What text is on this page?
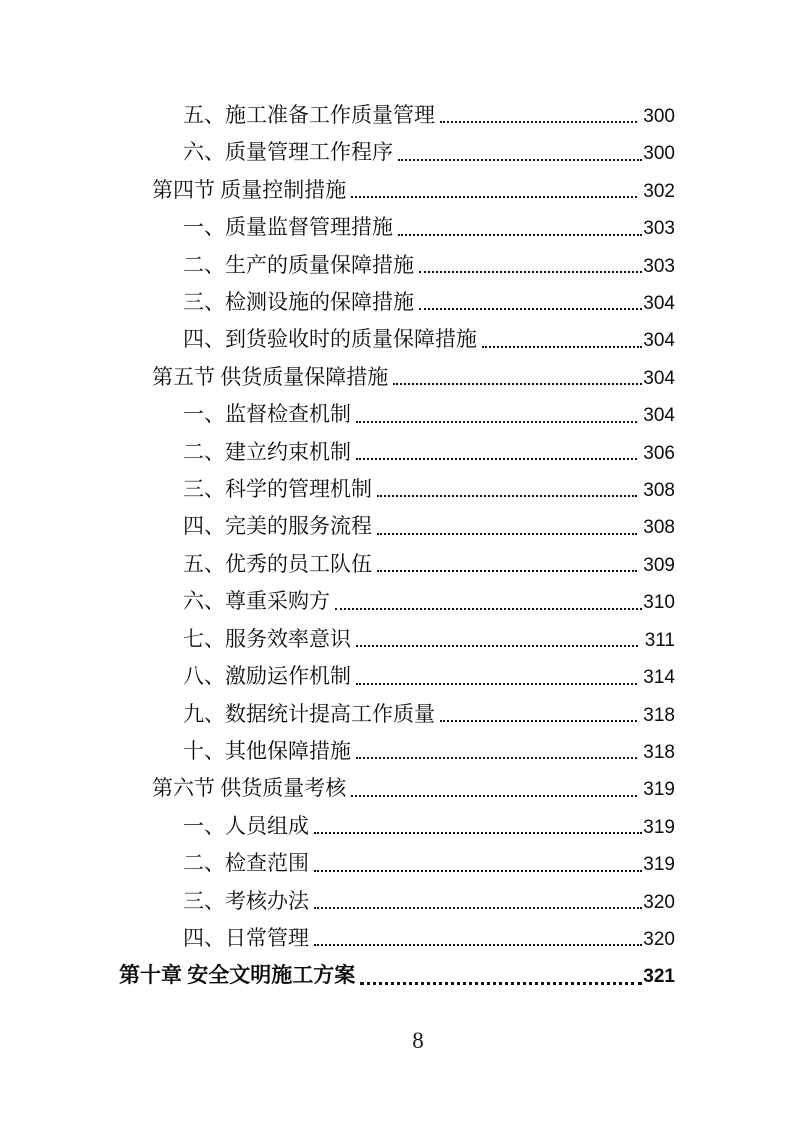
五、施工准备工作质量管理	300
六、质量管理工作程序	300
第四节 质量控制措施	302
一、质量监督管理措施	303
二、生产的质量保障措施	303
三、检测设施的保障措施	304
四、到货验收时的质量保障措施	304
第五节 供货质量保障措施	304
一、监督检查机制	304
二、建立约束机制	306
三、科学的管理机制	308
四、完美的服务流程	308
五、优秀的员工队伍	309
六、尊重采购方	310
七、服务效率意识	311
八、激励运作机制	314
九、数据统计提高工作质量	318
十、其他保障措施	318
第六节 供货质量考核	319
一、人员组成	319
二、检查范围	319
三、考核办法	320
四、日常管理	320
第十章 安全文明施工方案	321
8
